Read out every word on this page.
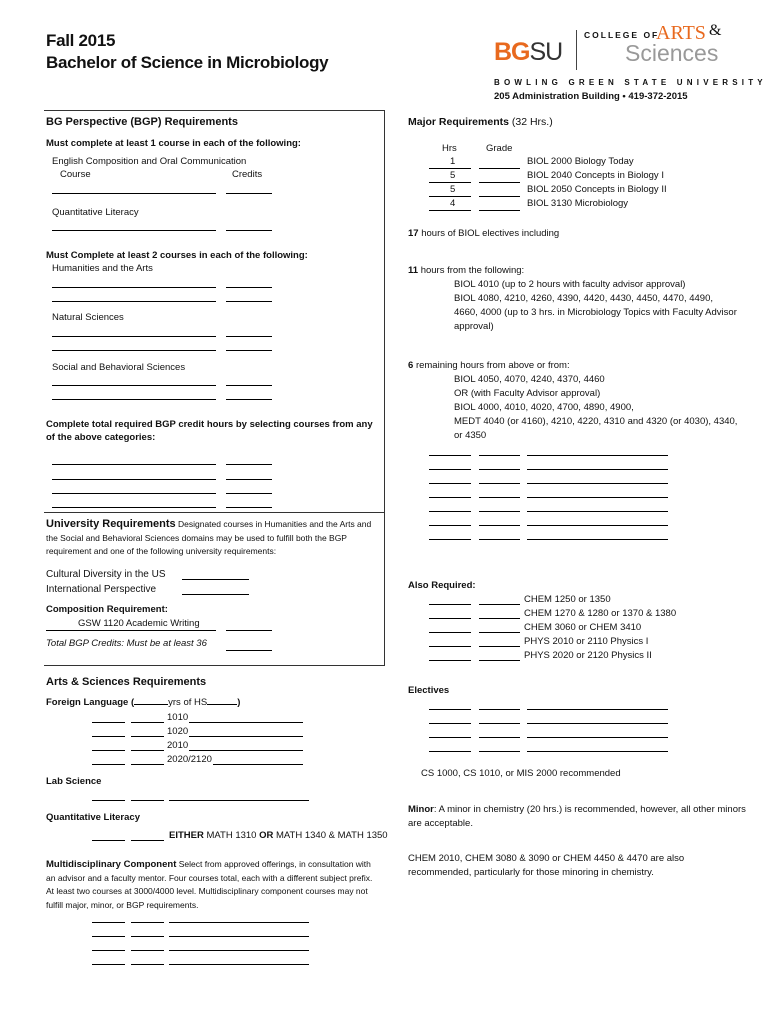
Fall 2015
Bachelor of Science in Microbiology	BGSU
COLLEGE OF
ARTS &
Sciences
BOWLING GREEN STATE UNIVERSITY
205 Administration Building • 419-372-2015
BG Perspective (BGP) Requirements
Must complete at least 1 course in each of the following:
English Composition and Oral Communication
Course	Credits
Quantitative Literacy
Must Complete at least 2 courses in each of the following:
Humanities and the Arts
Natural Sciences
Social and Behavioral Sciences
Complete total required BGP credit hours by selecting courses from any of the above categories:
University Requirements Designated courses in Humanities and the Arts and the Social and Behavioral Sciences domains may be used to fulfill both the BGP requirement and one of the following university requirements:
Cultural Diversity in the US
International Perspective
Composition Requirement:
GSW 1120 Academic Writing
Total BGP Credits: Must be at least 36
Arts & Sciences Requirements
Foreign Language (	yrs of HS	)
1010
1020
2010
2020/2120
Lab Science
Quantitative Literacy
EITHER MATH 1310 OR MATH 1340 & MATH 1350
Multidisciplinary Component Select from approved offerings, in consultation with an advisor and a faculty mentor. Four courses total, each with a different subject prefix. At least two courses at 3000/4000 level. Multidisciplinary component courses may not fulfill major, minor, or BGP requirements.
Major Requirements (32 Hrs.)
Hrs	Grade
1	BIOL 2000 Biology Today
5	BIOL 2040 Concepts in Biology I
5	BIOL 2050 Concepts in Biology II
4	BIOL 3130 Microbiology
17 hours of BIOL electives including
11 hours from the following:
BIOL 4010 (up to 2 hours with faculty advisor approval)
BIOL 4080, 4210, 4260, 4390, 4420, 4430, 4450, 4470, 4490,
4660, 4000 (up to 3 hrs. in Microbiology Topics with Faculty Advisor
approval)
6 remaining hours from above or from:
BIOL 4050, 4070, 4240, 4370, 4460
OR (with Faculty Advisor approval)
BIOL 4000, 4010, 4020, 4700, 4890, 4900,
MEDT 4040 (or 4160), 4210, 4220, 4310 and 4320 (or 4030), 4340,
or 4350
Also Required:
CHEM 1250 or 1350
CHEM 1270 & 1280 or 1370 & 1380
CHEM 3060 or CHEM 3410
PHYS 2010 or 2110 Physics I
PHYS 2020 or 2120 Physics II
Electives
CS 1000, CS 1010, or MIS 2000 recommended
Minor: A minor in chemistry (20 hrs.) is recommended, however, all other minors are acceptable.
CHEM 2010, CHEM 3080 & 3090 or CHEM 4450 & 4470 are also recommended, particularly for those minoring in chemistry.
